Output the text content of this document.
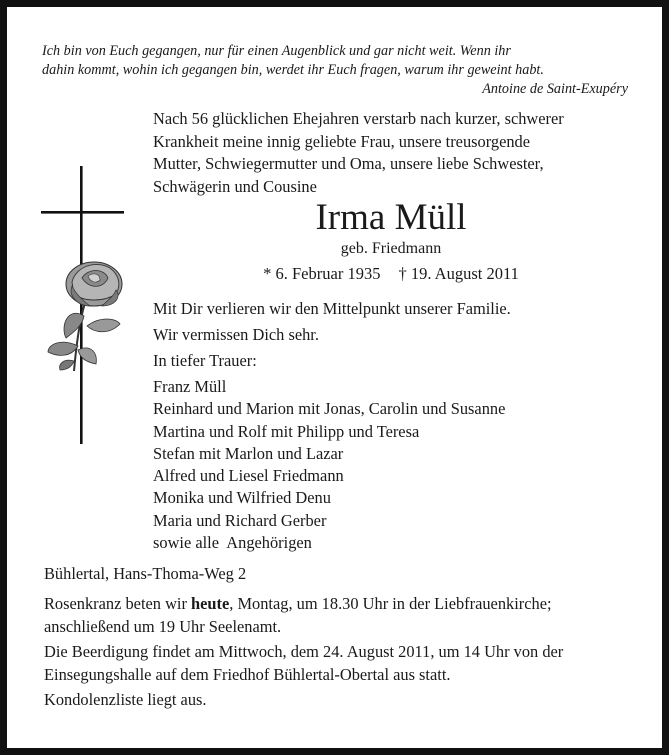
Ich bin von Euch gegangen, nur für einen Augenblick und gar nicht weit. Wenn ihr
dahin kommt, wohin ich gegangen bin, werdet ihr Euch fragen, warum ihr geweint habt.
Antoine de Saint-Exupéry
Nach 56 glücklichen Ehejahren verstarb nach kurzer, schwerer
Krankheit meine innig geliebte Frau, unsere treusorgende
Mutter, Schwiegermutter und Oma, unsere liebe Schwester,
Schwägerin und Cousine
Irma Müll
geb. Friedmann
* 6. Februar 1935 † 19. August 2011
Mit Dir verlieren wir den Mittelpunkt unserer Familie.
Wir vermissen Dich sehr.
In tiefer Trauer:
Franz Müll
Reinhard und Marion mit Jonas, Carolin und Susanne
Martina und Rolf mit Philipp und Teresa
Stefan mit Marlon und Lazar
Alfred und Liesel Friedmann
Monika und Wilfried Denu
Maria und Richard Gerber
sowie alle  Angehörigen
Bühlertal, Hans-Thoma-Weg 2
Rosenkranz beten wir heute, Montag, um 18.30 Uhr in der Liebfrauenkirche; anschließend um 19 Uhr Seelenamt.
Die Beerdigung findet am Mittwoch, dem 24. August 2011, um 14 Uhr von der Einsegungshalle auf dem Friedhof Bühlertal-Obertal aus statt.
Kondolenzliste liegt aus.
